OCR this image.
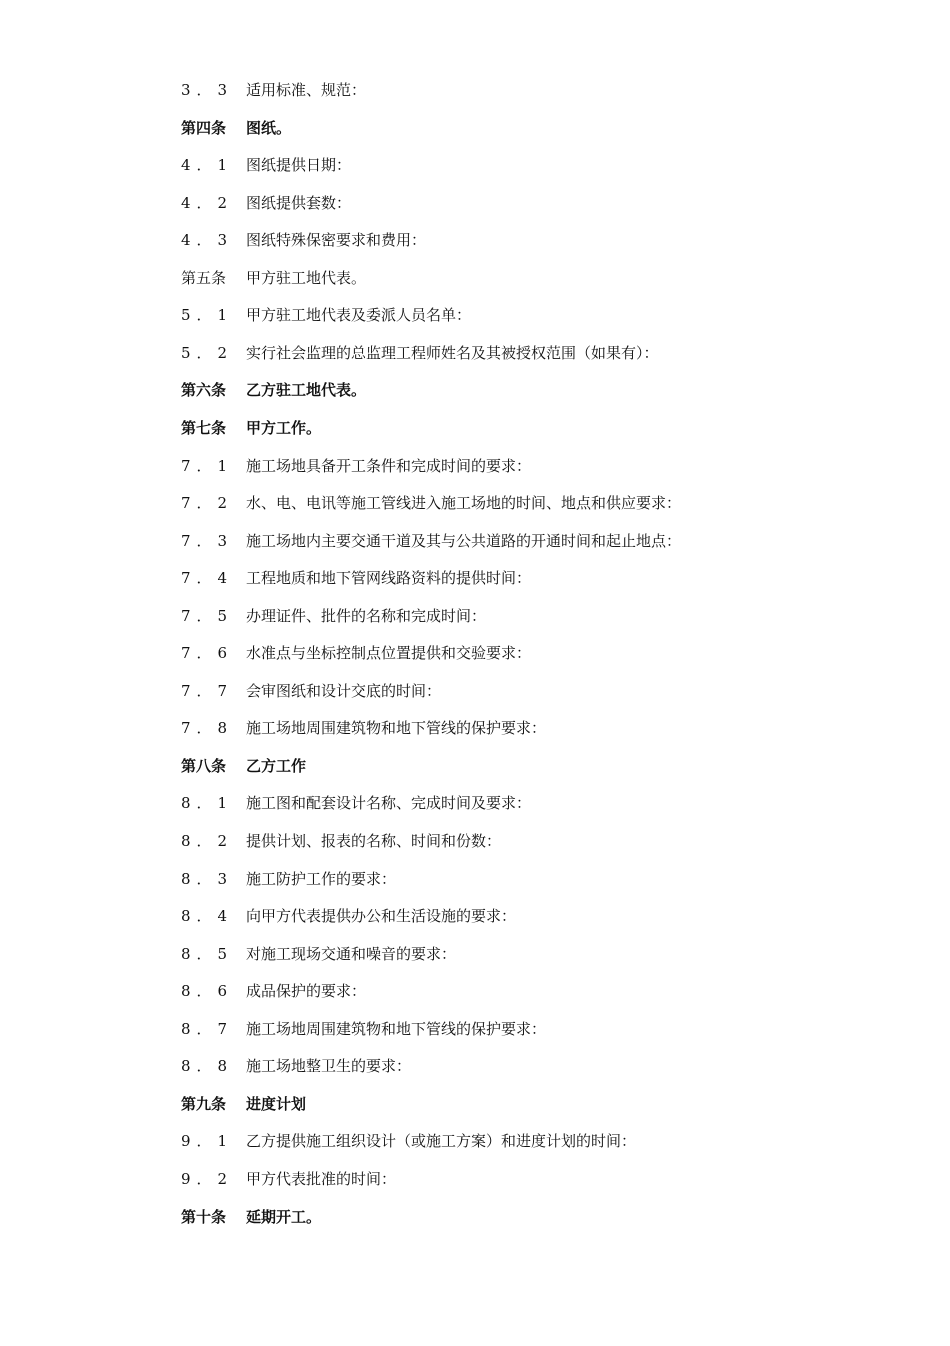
3．3 适用标准、规范：
第四条 图纸。
4．1 图纸提供日期：
4．2 图纸提供套数：
4．3 图纸特殊保密要求和费用：
第五条 甲方驻工地代表。
5．1 甲方驻工地代表及委派人员名单：
5．2 实行社会监理的总监理工程师姓名及其被授权范围（如果有）：
第六条 乙方驻工地代表。
第七条 甲方工作。
7．1 施工场地具备开工条件和完成时间的要求：
7．2 水、电、电讯等施工管线进入施工场地的时间、地点和供应要求：
7．3 施工场地内主要交通干道及其与公共道路的开通时间和起止地点：
7．4 工程地质和地下管网线路资料的提供时间：
7．5 办理证件、批件的名称和完成时间：
7．6 水准点与坐标控制点位置提供和交验要求：
7．7 会审图纸和设计交底的时间：
7．8 施工场地周围建筑物和地下管线的保护要求：
第八条 乙方工作
8．1 施工图和配套设计名称、完成时间及要求：
8．2 提供计划、报表的名称、时间和份数：
8．3 施工防护工作的要求：
8．4 向甲方代表提供办公和生活设施的要求：
8．5 对施工现场交通和噪音的要求：
8．6 成品保护的要求：
8．7 施工场地周围建筑物和地下管线的保护要求：
8．8 施工场地整卫生的要求：
第九条 进度计划
9．1 乙方提供施工组织设计（或施工方案）和进度计划的时间：
9．2 甲方代表批准的时间：
第十条 延期开工。
